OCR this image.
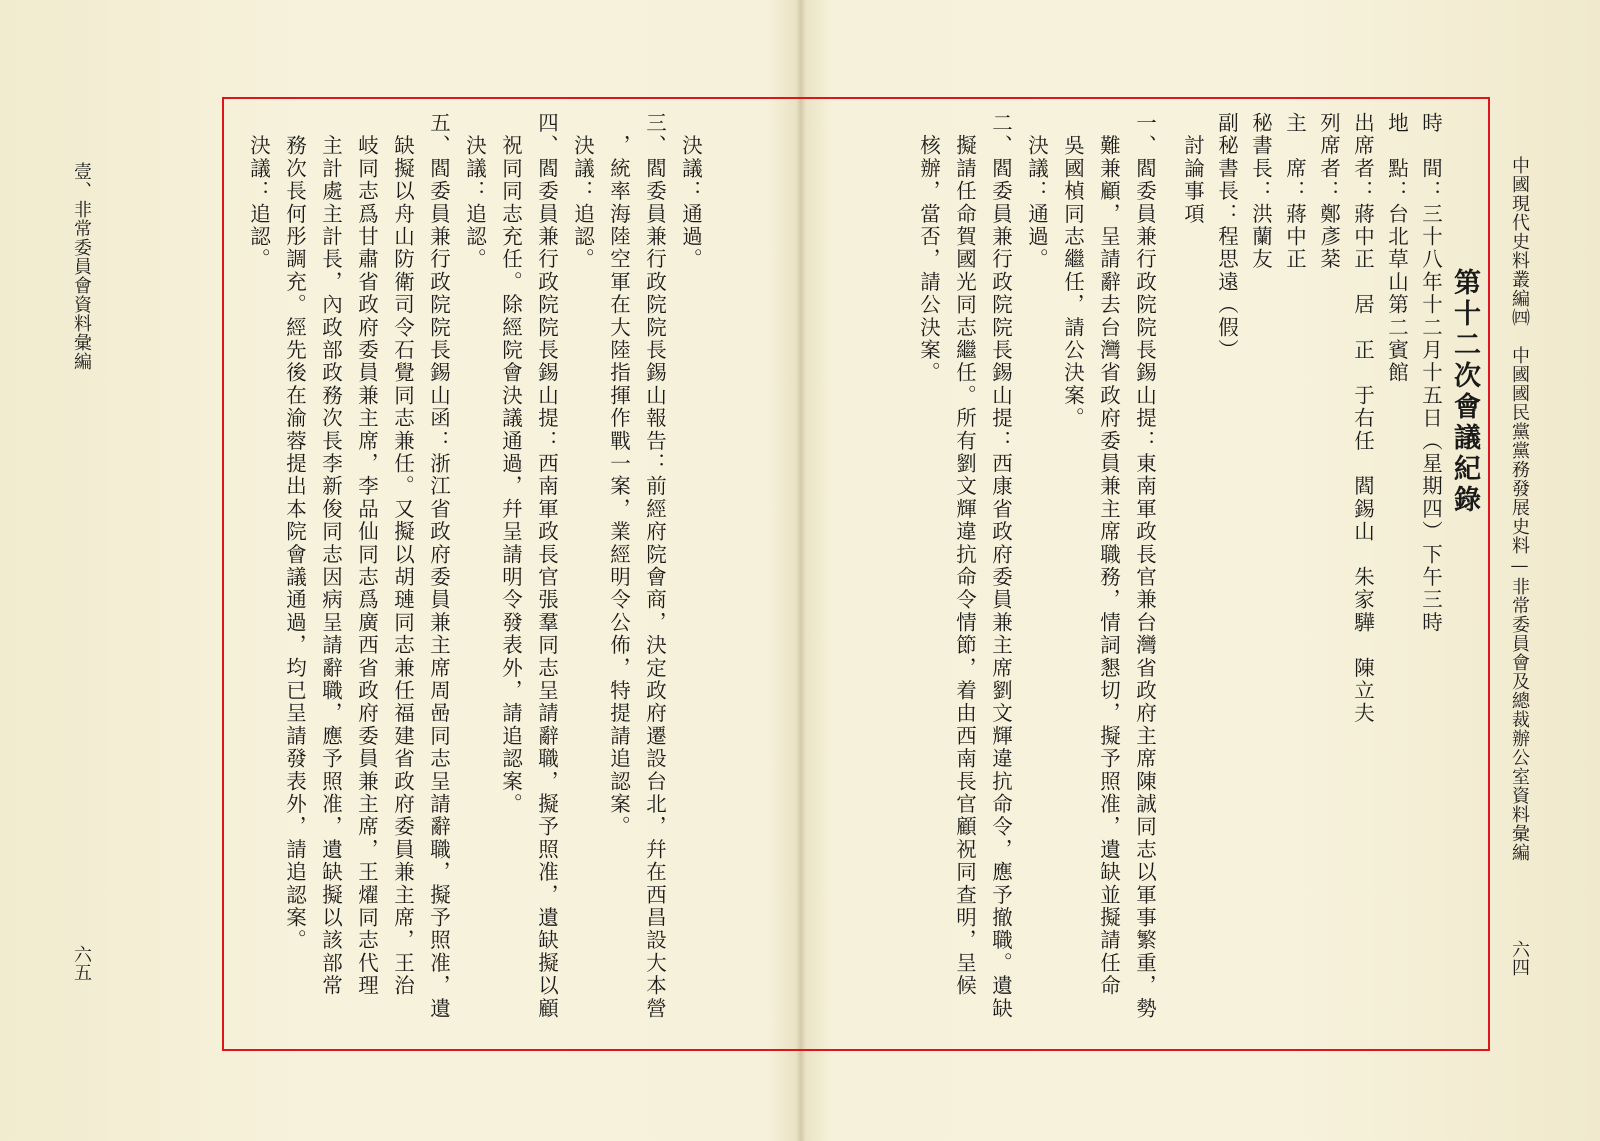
中國現代史料叢編㈣　中國國民黨黨務發展史料—非常委員會及總裁辦公室資料彙編
六四
壹、非常委員會資料彙編
六五
第十二次會議紀錄
時　間：三十八年十二月十五日（星期四）下午三時
地　點：台北草山第二賓館
出席者：蔣中正　居　正　于右任　閻錫山　朱家驊　陳立夫
列席者：鄭彥棻
主　席：蔣中正
秘書長：洪蘭友
副秘書長：程思遠（假）
　討論事項
一、閻委員兼行政院院長錫山提：東南軍政長官兼台灣省政府主席陳誠同志以軍事繁重，勢
　難兼顧，呈請辭去台灣省政府委員兼主席職務，情詞懇切，擬予照准，遺缺並擬請任命
　吳國楨同志繼任，請公決案。
　決議：通過。
二、閻委員兼行政院院長錫山提：西康省政府委員兼主席劉文輝違抗命令，應予撤職。遺缺
　擬請任命賀國光同志繼任。所有劉文輝違抗命令情節，着由西南長官顧祝同查明，呈候
　核辦，當否，請公決案。
　決議：通過。
三、閻委員兼行政院院長錫山報告：前經府院會商，決定政府遷設台北，幷在西昌設大本營
　，統率海陸空軍在大陸指揮作戰一案，業經明令公佈，特提請追認案。
　決議：追認。
四、閻委員兼行政院院長錫山提：西南軍政長官張羣同志呈請辭職，擬予照准，遺缺擬以顧
　祝同同志充任。除經院會決議通過，幷呈請明令發表外，請追認案。
　決議：追認。
五、閻委員兼行政院院長錫山函：浙江省政府委員兼主席周喦同志呈請辭職，擬予照准，遺
　缺擬以舟山防衛司令石覺同志兼任。又擬以胡璉同志兼任福建省政府委員兼主席，王治
　岐同志爲甘肅省政府委員兼主席，李品仙同志爲廣西省政府委員兼主席，王燿同志代理
　主計處主計長，內政部政務次長李新俊同志因病呈請辭職，應予照准，遺缺擬以該部常
　務次長何彤調充。經先後在渝蓉提出本院會議通過，均已呈請發表外，請追認案。
　決議：追認。
